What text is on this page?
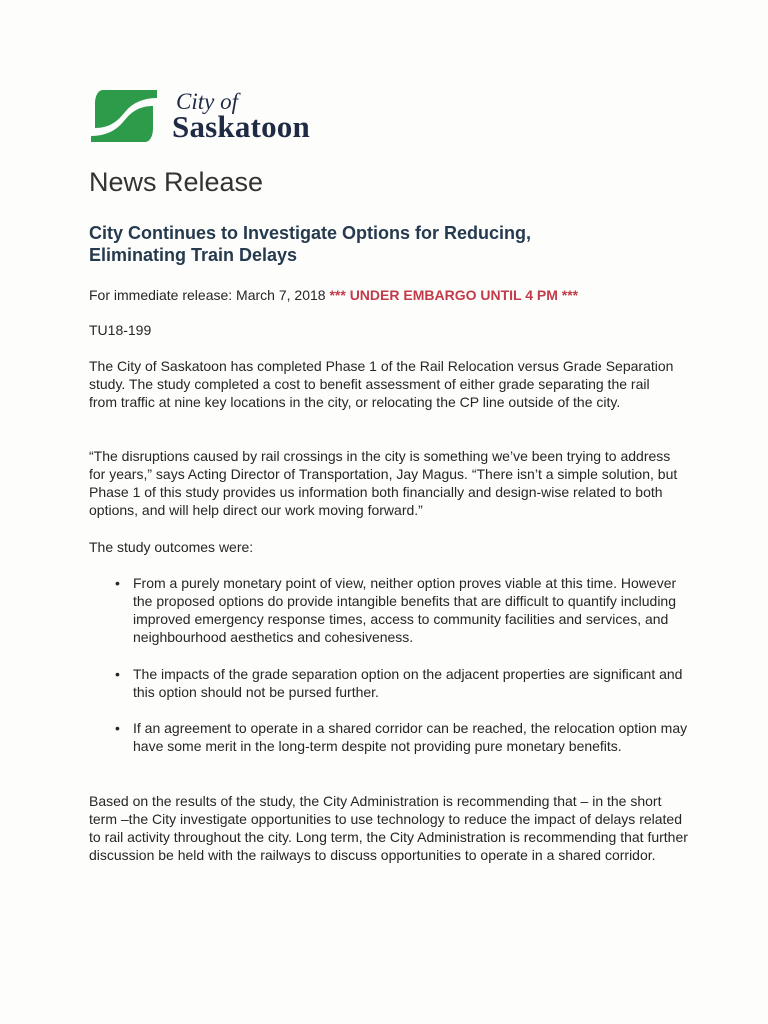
City of
Saskatoon
News Release
City Continues to Investigate Options for Reducing,
Eliminating Train Delays
For immediate release: March 7, 2018 *** UNDER EMBARGO UNTIL 4 PM ***
TU18-199
The City of Saskatoon has completed Phase 1 of the Rail Relocation versus Grade Separation study. The study completed a cost to benefit assessment of either grade separating the rail from traffic at nine key locations in the city, or relocating the CP line outside of the city.
“The disruptions caused by rail crossings in the city is something we’ve been trying to address for years,” says Acting Director of Transportation, Jay Magus. “There isn’t a simple solution, but Phase 1 of this study provides us information both financially and design-wise related to both options, and will help direct our work moving forward.”
The study outcomes were:
• From a purely monetary point of view, neither option proves viable at this time. However the proposed options do provide intangible benefits that are difficult to quantify including improved emergency response times, access to community facilities and services, and neighbourhood aesthetics and cohesiveness.
• The impacts of the grade separation option on the adjacent properties are significant and this option should not be pursed further.
• If an agreement to operate in a shared corridor can be reached, the relocation option may have some merit in the long-term despite not providing pure monetary benefits.
Based on the results of the study, the City Administration is recommending that – in the short term –the City investigate opportunities to use technology to reduce the impact of delays related to rail activity throughout the city. Long term, the City Administration is recommending that further discussion be held with the railways to discuss opportunities to operate in a shared corridor.
